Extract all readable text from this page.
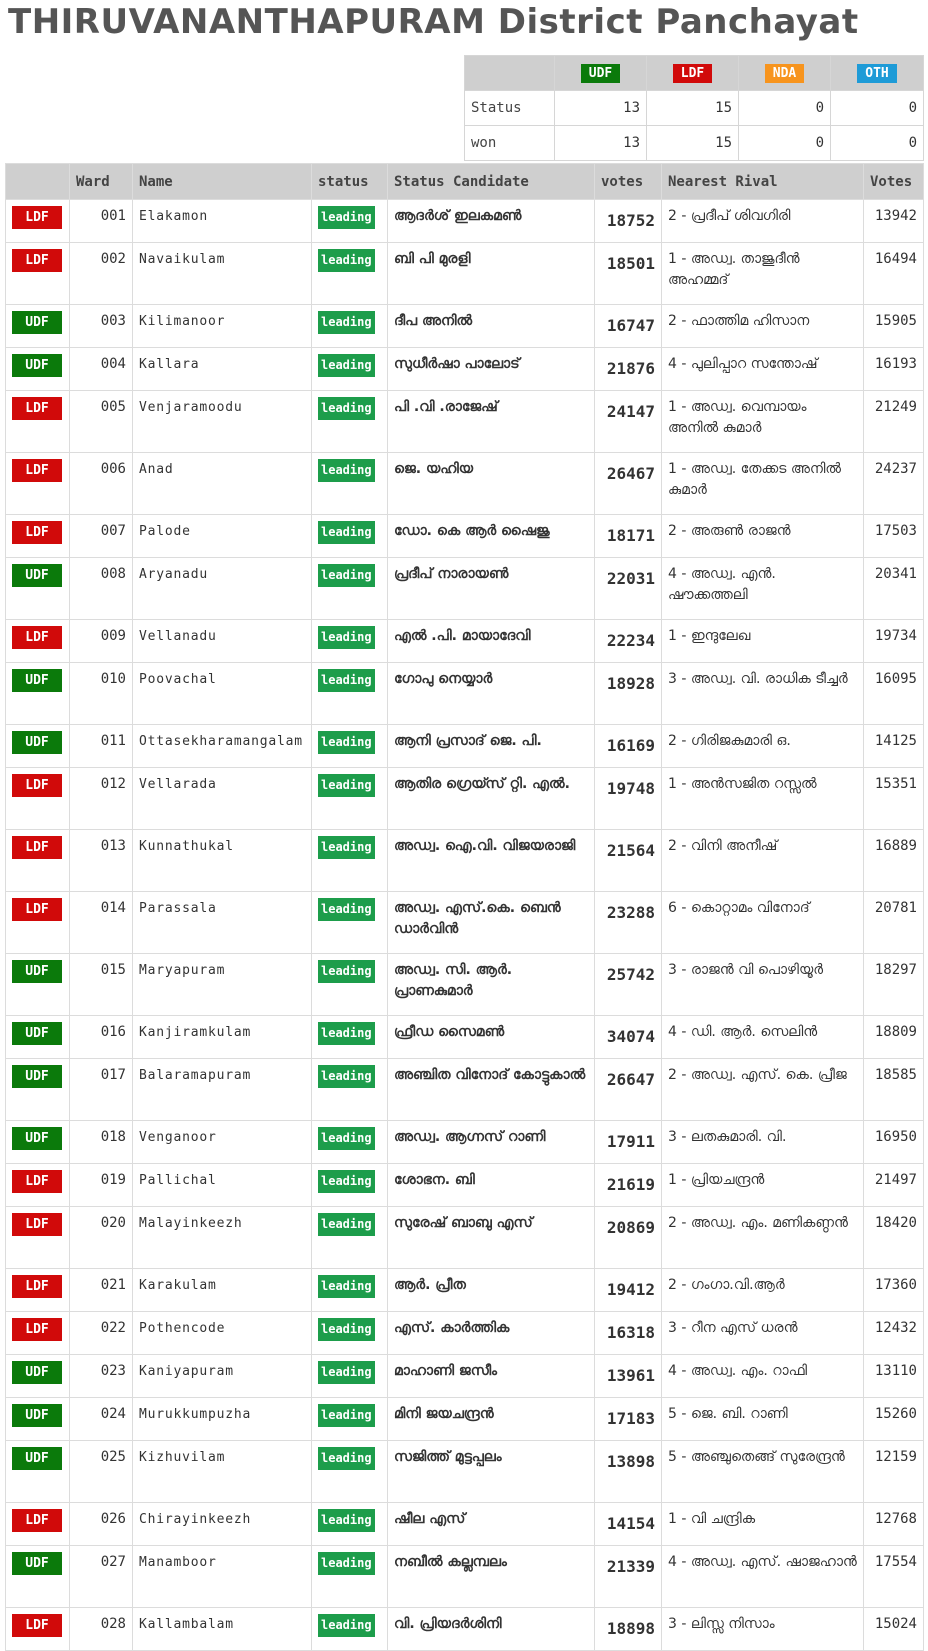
THIRUVANANTHAPURAM District Panchayat
	UDF	LDF	NDA	OTH
Status	13	15	0	0
won	13	15	0	0
	Ward	Name	status	Status Candidate	votes	Nearest Rival	Votes
LDF	001	Elakamon	leading	ആദർശ് ഇലകമൺ	18752	2 - പ്രദീപ് ശിവഗിരി	13942
LDF	002	Navaikulam	leading	ബി പി മുരളി	18501	1 - അഡ്വ. താജുദീൻ അഹമ്മദ്	16494
UDF	003	Kilimanoor	leading	ദീപ അനിൽ	16747	2 - ഫാത്തിമ ഹിസാന	15905
UDF	004	Kallara	leading	സുധീർഷാ പാലോട്	21876	4 - പുലിപ്പാറ സന്തോഷ്	16193
LDF	005	Venjaramoodu	leading	പി .വി .രാജേഷ്	24147	1 - അഡ്വ. വെമ്പായം അനിൽ കുമാർ	21249
LDF	006	Anad	leading	ജെ. യഹിയ	26467	1 - അഡ്വ. തേക്കട അനിൽ കുമാർ	24237
LDF	007	Palode	leading	ഡോ. കെ ആർ ഷൈജു	18171	2 - അരുൺ രാജൻ	17503
UDF	008	Aryanadu	leading	പ്രദീപ് നാരായൺ	22031	4 - അഡ്വ. എൻ. ഷൗക്കത്തലി	20341
LDF	009	Vellanadu	leading	എൽ .പി. മായാദേവി	22234	1 - ഇന്ദുലേഖ	19734
UDF	010	Poovachal	leading	ഗോപു നെയ്യാർ	18928	3 - അഡ്വ. വി. രാധിക ടീച്ചർ	16095
UDF	011	Ottasekharamangalam	leading	ആനി പ്രസാദ് ജെ. പി.	16169	2 - ഗിരിജകുമാരി ഒ.	14125
LDF	012	Vellarada	leading	ആതിര ഗ്രെയ്സ് റ്റി. എൽ.	19748	1 - അൻസജിത റസ്സൽ	15351
LDF	013	Kunnathukal	leading	അഡ്വ. ഐ.വി. വിജയരാജി	21564	2 - വിനി അനീഷ്	16889
LDF	014	Parassala	leading	അഡ്വ. എസ്.കെ. ബെൻ ഡാർവിൻ	23288	6 - കൊറ്റാമം വിനോദ്	20781
UDF	015	Maryapuram	leading	അഡ്വ. സി. ആർ. പ്രാണകുമാർ	25742	3 - രാജൻ വി പൊഴിയൂർ	18297
UDF	016	Kanjiramkulam	leading	ഫ്രീഡ സൈമൺ	34074	4 - ഡി. ആർ. സെലിൻ	18809
UDF	017	Balaramapuram	leading	അഞ്ചിത വിനോദ് കോട്ടുകാൽ	26647	2 - അഡ്വ. എസ്. കെ. പ്രീജ	18585
UDF	018	Venganoor	leading	അഡ്വ. ആഗ്നസ് റാണി	17911	3 - ലതകുമാരി. വി.	16950
LDF	019	Pallichal	leading	ശോഭന. ബി	21619	1 - പ്രിയചന്ദ്രൻ	21497
LDF	020	Malayinkeezh	leading	സുരേഷ് ബാബു എസ്	20869	2 - അഡ്വ. എം. മണികണ്ഠൻ	18420
LDF	021	Karakulam	leading	ആർ. പ്രീത	19412	2 - ഗംഗാ.വി.ആർ	17360
LDF	022	Pothencode	leading	എസ്. കാർത്തിക	16318	3 - റീന എസ് ധരൻ	12432
UDF	023	Kaniyapuram	leading	മാഹാണി ജസീം	13961	4 - അഡ്വ. എം. റാഫി	13110
UDF	024	Murukkumpuzha	leading	മിനി ജയചന്ദ്രൻ	17183	5 - ജെ. ബി. റാണി	15260
UDF	025	Kizhuvilam	leading	സജിത്ത് മുട്ടപ്പലം	13898	5 - അഞ്ചുതെങ്ങ് സുരേന്ദ്രൻ	12159
LDF	026	Chirayinkeezh	leading	ഷീല എസ്	14154	1 - വി ചന്ദ്രിക	12768
UDF	027	Manamboor	leading	നബീൽ കല്ലമ്പലം	21339	4 - അഡ്വ. എസ്. ഷാജഹാൻ	17554
LDF	028	Kallambalam	leading	വി. പ്രിയദർശിനി	18898	3 - ലിസ്സ നിസാം	15024
